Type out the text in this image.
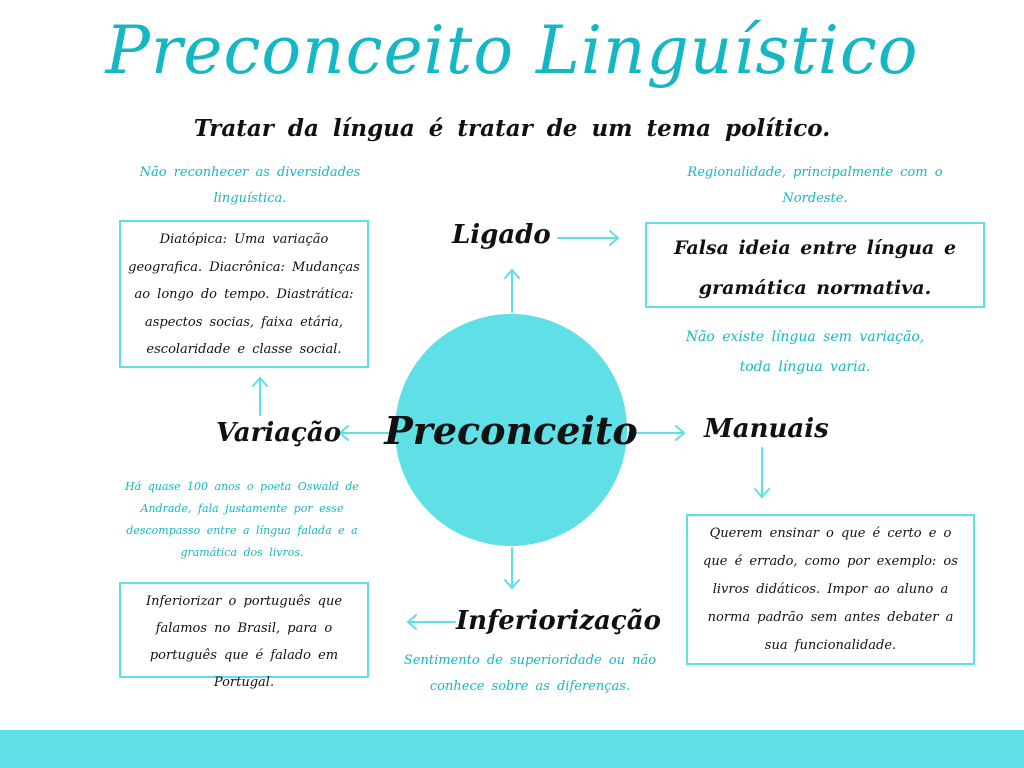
Preconceito Linguístico
Tratar da língua é tratar de um tema político.
Não reconhecer as diversidades linguística.
Regionalidade, principalmente com o Nordeste.
Não existe língua sem variação, toda língua varia.
Há quase 100 anos o poeta Oswald de Andrade, fala justamente por esse descompasso entre a língua falada e a gramática dos livros.
Sentimento de superioridade ou não conhece sobre as diferenças.
Diatópica: Uma variação geografica. Diacrônica: Mudanças ao longo do tempo. Diastrática: aspectos socias, faixa etária, escolaridade e classe social.
Falsa ideia entre língua e gramática normativa.
Querem ensinar o que é certo e o que é errado, como por exemplo: os livros didáticos. Impor ao aluno a norma padrão sem antes debater a sua funcionalidade.
Inferiorizar o português que falamos no Brasil, para o português que é falado em Portugal.
Ligado
Variação	Manuais
Inferiorização
Preconceito
